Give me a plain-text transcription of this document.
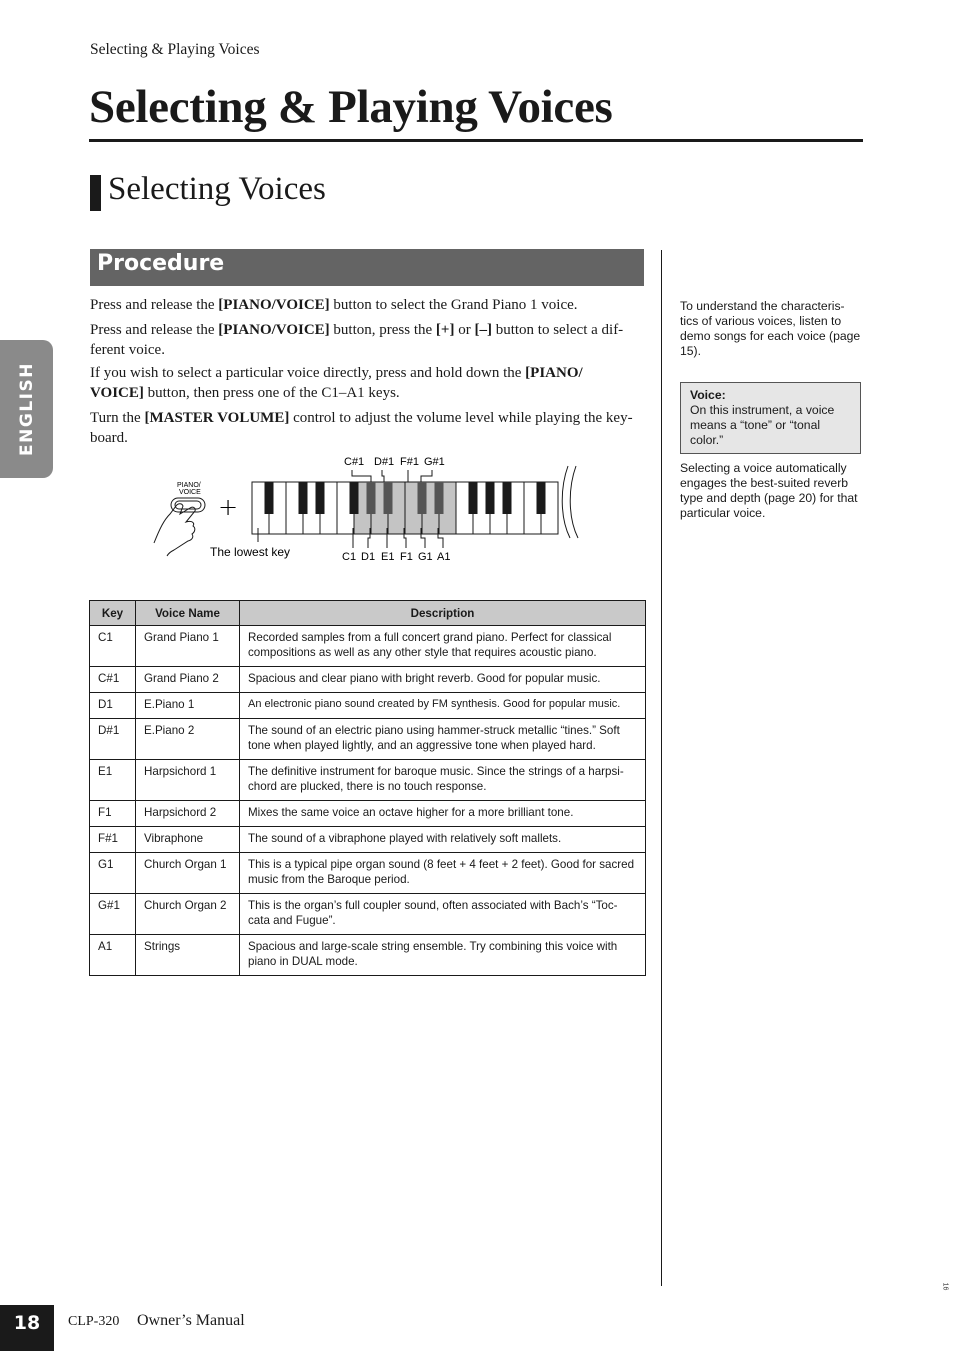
Selecting & Playing Voices
Selecting & Playing Voices
Selecting Voices
ENGLISH
Procedure

Press and release the [PIANO/VOICE] button to select the Grand Piano 1 voice.

Press and release the [PIANO/VOICE] button, press the [+] or [–] button to select a dif-
ferent voice.

If you wish to select a particular voice directly, press and hold down the [PIANO/
VOICE] button, then press one of the C1–A1 keys.

Turn the [MASTER VOLUME] control to adjust the volume level while playing the key-
board.

PIANO/
VOICE
+
The lowest key
C#1 D#1 F#1 G#1
C1 D1 E1 F1 G1 A1

To understand the characteris-tics of various voices, listen to demo songs for each voice (page 15).

Voice:
On this instrument, a voice means a “tone” or “tonal color.”

Selecting a voice automatically engages the best-suited reverb type and depth (page 20) for that particular voice.

Key	Voice Name	Description
C1	Grand Piano 1	Recorded samples from a full concert grand piano. Perfect for classical compositions as well as any other style that requires acoustic piano.
C#1	Grand Piano 2	Spacious and clear piano with bright reverb. Good for popular music.
D1	E.Piano 1	An electronic piano sound created by FM synthesis. Good for popular music.
D#1	E.Piano 2	The sound of an electric piano using hammer-struck metallic “tines.” Soft tone when played lightly, and an aggressive tone when played hard.
E1	Harpsichord 1	The definitive instrument for baroque music. Since the strings of a harpsi-chord are plucked, there is no touch response.
F1	Harpsichord 2	Mixes the same voice an octave higher for a more brilliant tone.
F#1	Vibraphone	The sound of a vibraphone played with relatively soft mallets.
G1	Church Organ 1	This is a typical pipe organ sound (8 feet + 4 feet + 2 feet). Good for sacred music from the Baroque period.
G#1	Church Organ 2	This is the organ’s full coupler sound, often associated with Bach’s “Toc-cata and Fugue”.
A1	Strings	Spacious and large-scale string ensemble. Try combining this voice with piano in DUAL mode.
18	CLP-320 Owner’s Manual
16
